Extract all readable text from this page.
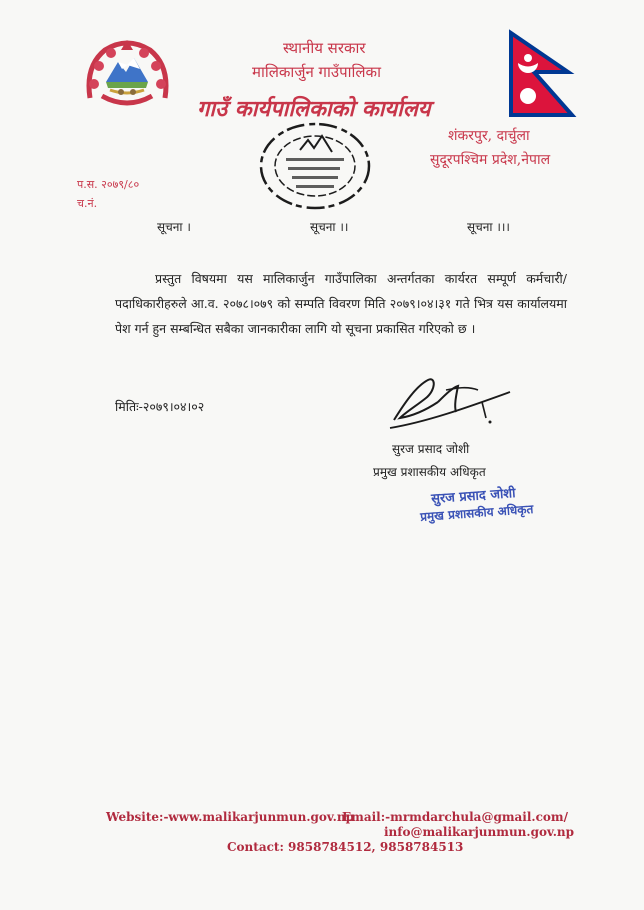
स्थानीय सरकार
मालिकार्जुन गाउँपालिका
गाउँ कार्यपालिकाको कार्यालय
शंकरपुर, दार्चुला
सुदूरपश्चिम प्रदेश,नेपाल
प.स. २०७९/८०
च.नं.
सूचना ।	सूचना ।।	सूचना ।।।
प्रस्तुत विषयमा यस मालिकार्जुन गाउँपालिका अन्तर्गतका कार्यरत सम्पूर्ण कर्मचारी/पदाधिकारीहरुले आ.व. २०७८।०७९ को सम्पति विवरण मिति २०७९।०४।३१ गते भित्र यस कार्यालयमा पेश गर्न हुन सम्बन्धित सबैका जानकारीका लागि यो सूचना प्रकासित गरिएको छ ।
मितिः-२०७९।०४।०२
सुरज प्रसाद जोशी
प्रमुख प्रशासकीय अधिकृत
सुरज प्रसाद जोशी
प्रमुख प्रशासकीय अधिकृत
Website:-www.malikarjunmun.gov.np
Email:-mrmdarchula@gmail.com/
info@malikarjunmun.gov.np
Contact: 9858784512, 9858784513
